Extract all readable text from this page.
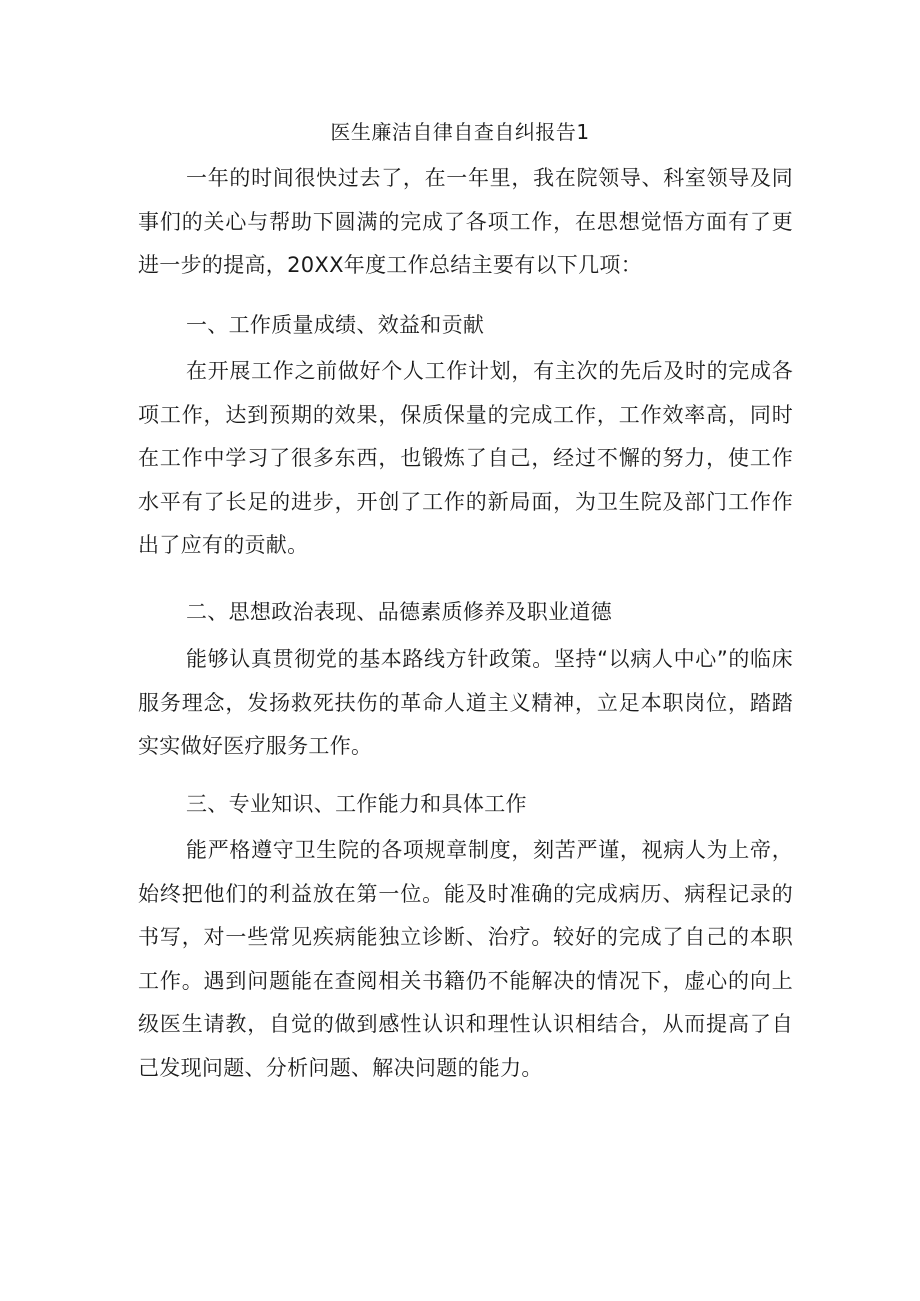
医生廉洁自律自查自纠报告1

一年的时间很快过去了，在一年里，我在院领导、科室领导及同事们的关心与帮助下圆满的完成了各项工作，在思想觉悟方面有了更进一步的提高，20XX年度工作总结主要有以下几项：

一、工作质量成绩、效益和贡献

在开展工作之前做好个人工作计划，有主次的先后及时的完成各项工作，达到预期的效果，保质保量的完成工作，工作效率高，同时在工作中学习了很多东西，也锻炼了自己，经过不懈的努力，使工作水平有了长足的进步，开创了工作的新局面，为卫生院及部门工作作出了应有的贡献。

二、思想政治表现、品德素质修养及职业道德

能够认真贯彻党的基本路线方针政策。坚持“以病人中心”的临床服务理念，发扬救死扶伤的革命人道主义精神，立足本职岗位，踏踏实实做好医疗服务工作。

三、专业知识、工作能力和具体工作

能严格遵守卫生院的各项规章制度，刻苦严谨，视病人为上帝，始终把他们的利益放在第一位。能及时准确的完成病历、病程记录的书写，对一些常见疾病能独立诊断、治疗。较好的完成了自己的本职工作。遇到问题能在查阅相关书籍仍不能解决的情况下，虚心的向上级医生请教，自觉的做到感性认识和理性认识相结合，从而提高了自己发现问题、分析问题、解决问题的能力。
